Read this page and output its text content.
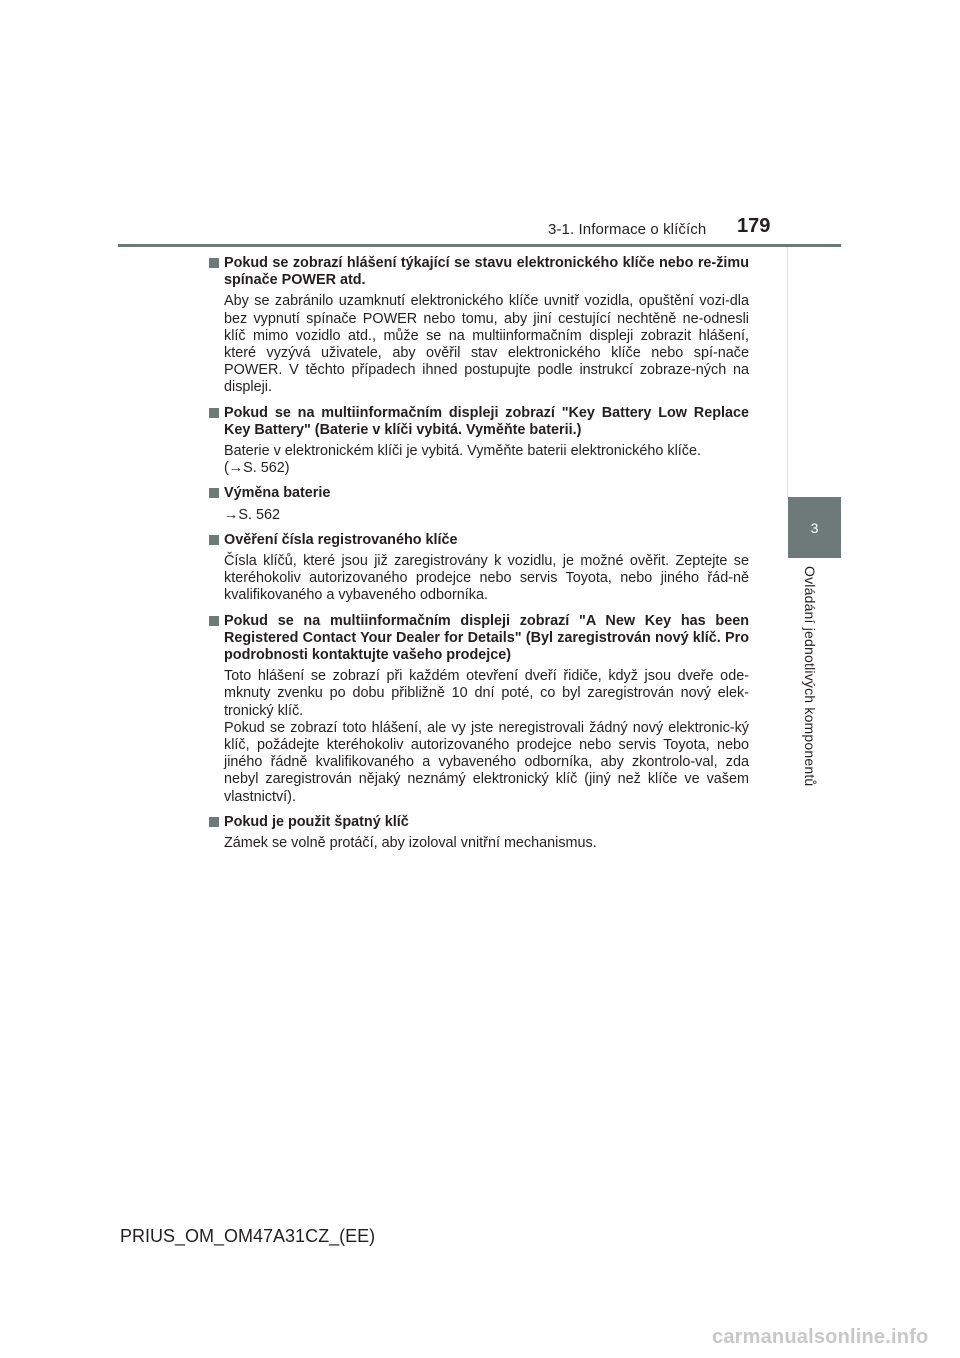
3-1. Informace o klíčích 179
3
Ovládání jednotlivých komponentů
Pokud se zobrazí hlášení týkající se stavu elektronického klíče nebo re-žimu spínače POWER atd.

Aby se zabránilo uzamknutí elektronického klíče uvnitř vozidla, opuštění vozi-dla bez vypnutí spínače POWER nebo tomu, aby jiní cestující nechtěně ne-odnesli klíč mimo vozidlo atd., může se na multiinformačním displeji zobrazit hlášení, které vyzývá uživatele, aby ověřil stav elektronického klíče nebo spí-nače POWER. V těchto případech ihned postupujte podle instrukcí zobraze-ných na displeji.

Pokud se na multiinformačním displeji zobrazí "Key Battery Low Replace Key Battery" (Baterie v klíči vybitá. Vyměňte baterii.)

Baterie v elektronickém klíči je vybitá. Vyměňte baterii elektronického klíče.

(→S. 562)

Výměna baterie

→S. 562

Ověření čísla registrovaného klíče

Čísla klíčů, které jsou již zaregistrovány k vozidlu, je možné ověřit. Zeptejte se kteréhokoliv autorizovaného prodejce nebo servis Toyota, nebo jiného řád-ně kvalifikovaného a vybaveného odborníka.

Pokud se na multiinformačním displeji zobrazí "A New Key has been Registered Contact Your Dealer for Details" (Byl zaregistrován nový klíč. Pro podrobnosti kontaktujte vašeho prodejce)

Toto hlášení se zobrazí při každém otevření dveří řidiče, když jsou dveře ode-mknuty zvenku po dobu přibližně 10 dní poté, co byl zaregistrován nový elek-tronický klíč.

Pokud se zobrazí toto hlášení, ale vy jste neregistrovali žádný nový elektronic-ký klíč, požádejte kteréhokoliv autorizovaného prodejce nebo servis Toyota, nebo jiného řádně kvalifikovaného a vybaveného odborníka, aby zkontrolo-val, zda nebyl zaregistrován nějaký neznámý elektronický klíč (jiný než klíče ve vašem vlastnictví).

Pokud je použit špatný klíč

Zámek se volně protáčí, aby izoloval vnitřní mechanismus.

PRIUS_OM_OM47A31CZ_(EE)
carmanualsonline.info
